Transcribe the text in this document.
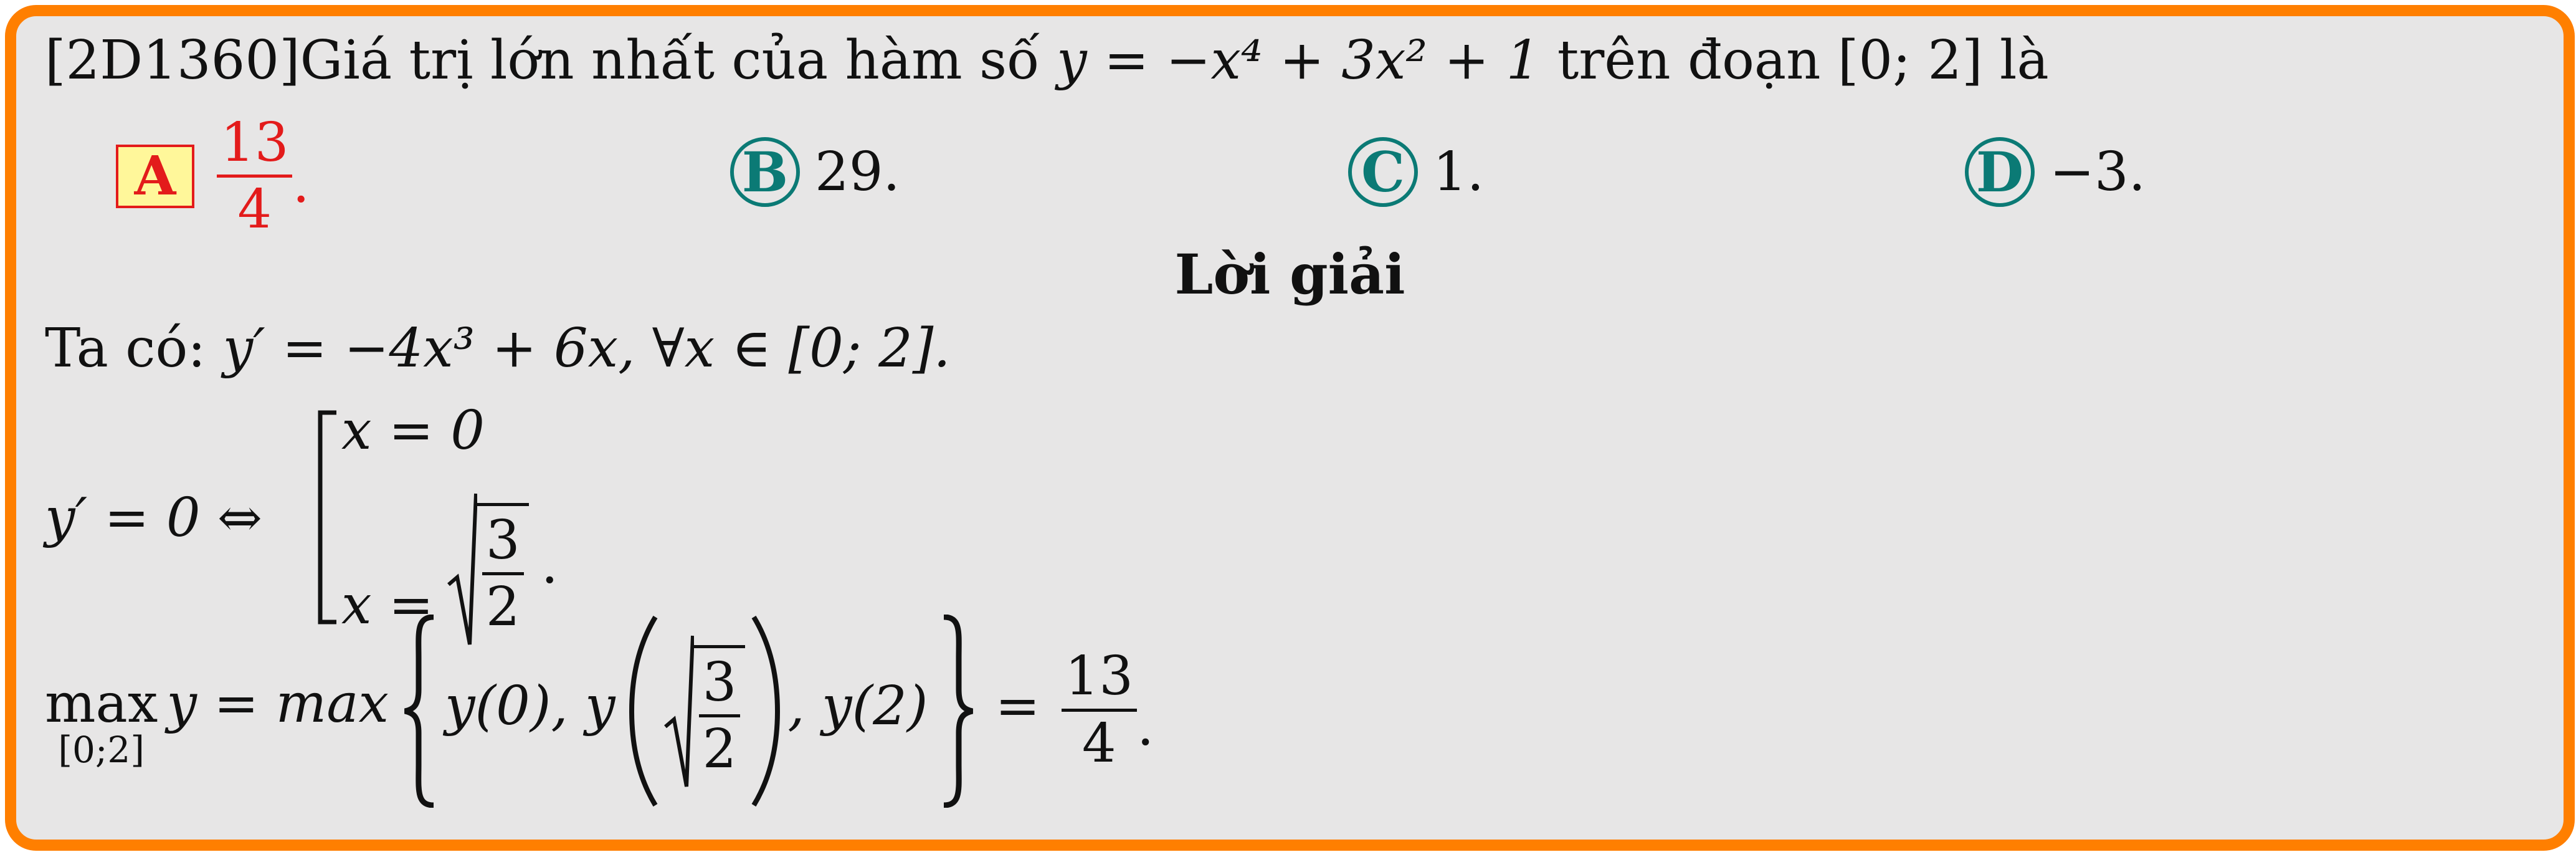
[2D1360]Giá trị lớn nhất của hàm số y = −x⁴ + 3x² + 1 trên đoạn [0; 2] là
A
13
4 .	B 29.	C 1.	D −3.
Lời giải
Ta có: y′ = −4x³ + 6x, ∀x ∈ [0; 2].
y′ = 0 ⇔
x = 0
x =
3
2
.
max
[0;2]
y = max y(0), y 3
2
, y(2) = 13
4 .
